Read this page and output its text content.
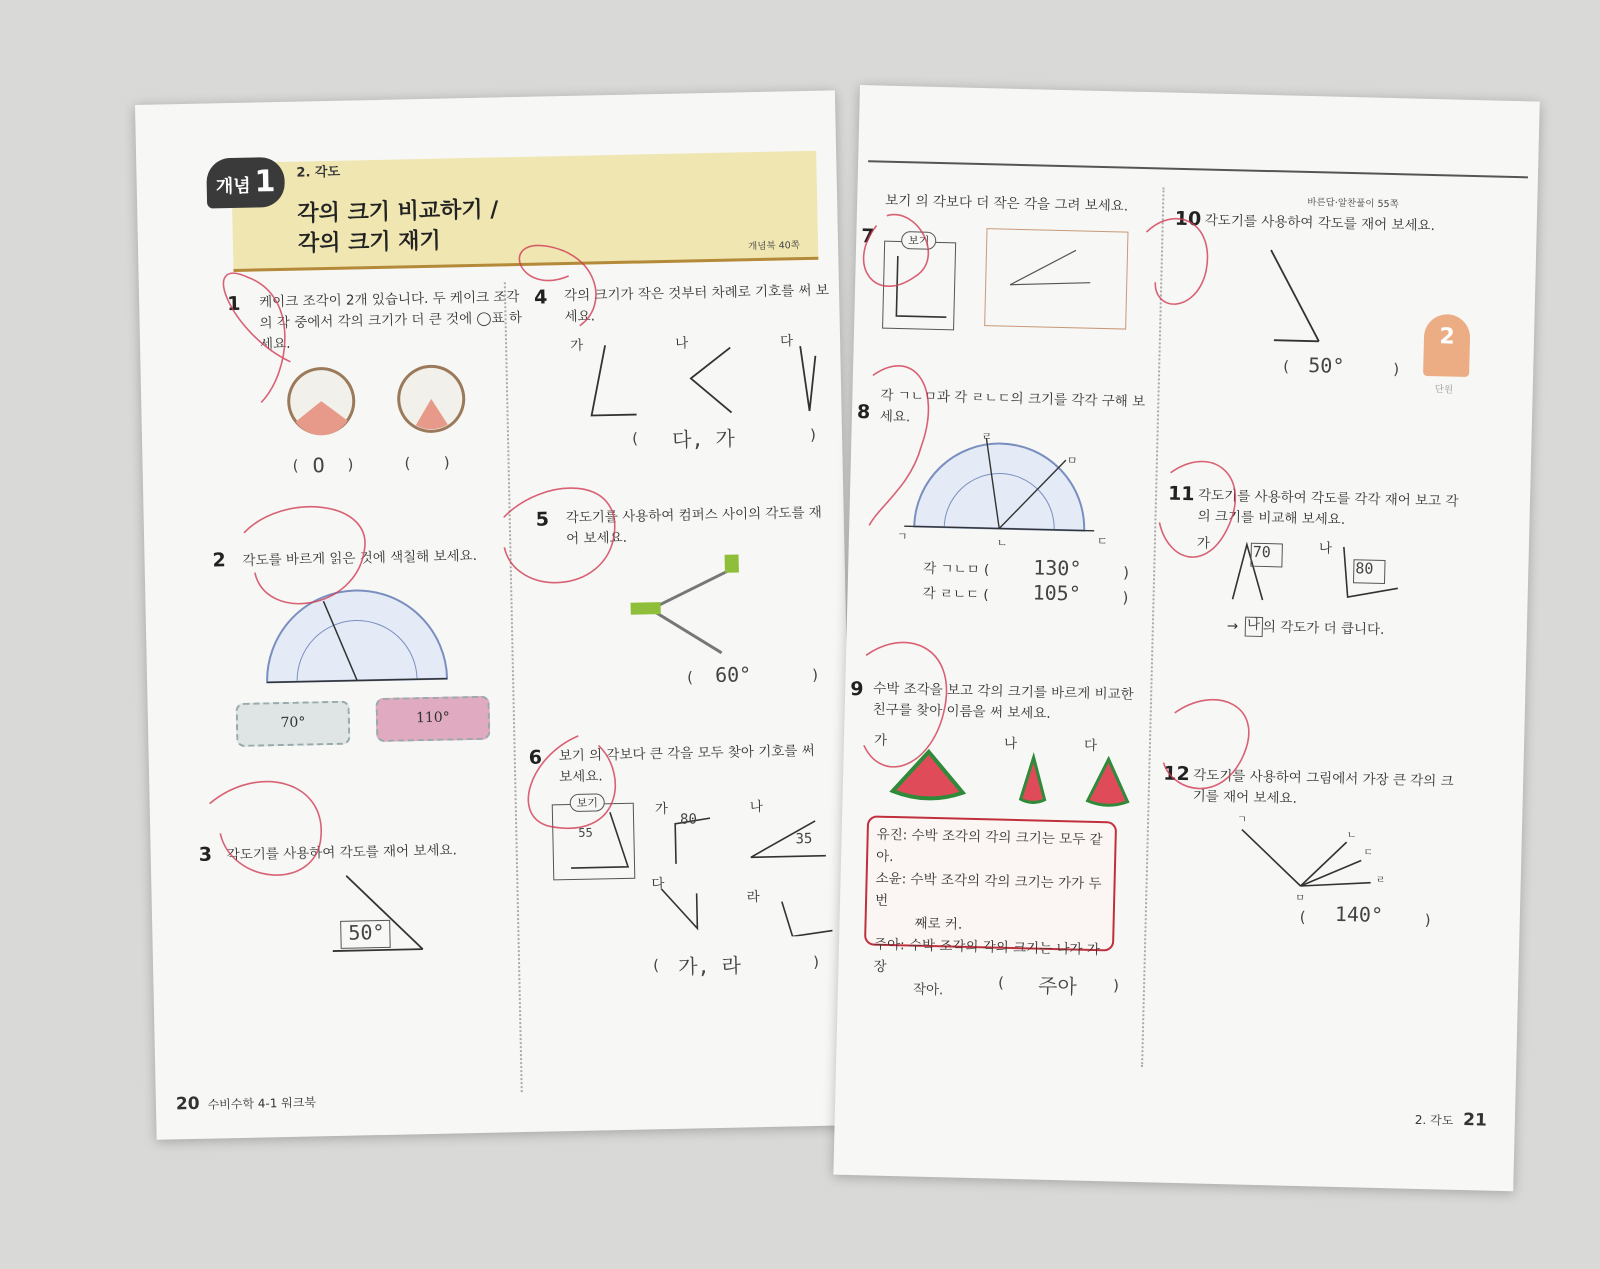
개념 1	2. 각도
각의 크기 비교하기 /
각의 크기 재기	개념북 40쪽
1 케이크 조각이 2개 있습니다. 두 케이크 조각
의 각 중에서 각의 크기가 더 큰 것에 ◯표 하
세요.
( O )	(       )
2 각도를 바르게 읽은 것에 색칠해 보세요.
70°	110°
3 각도기를 사용하여 각도를 재어 보세요.
50°
4 각의 크기가 작은 것부터 차례로 기호를 써 보
세요.
가	나	다
( 다, 가	)
5 각도기를 사용하여 컴퍼스 사이의 각도를 재
어 보세요.
( 60°	)
6 보기 의 각보다 큰 각을 모두 찾아 기호를 써
보세요.
보기
55
가	나
다
라
80
35
( 가, 라	)
20 수비수학 4-1 워크북
바른답·알찬풀이 55쪽
7
보기 의 각보다 더 작은 각을 그려 보세요.
보기
8
각 ㄱㄴㅁ과 각 ㄹㄴㄷ의 크기를 각각 구해 보
세요.
ㄹ
ㅁ
ㄱ	ㄴ	ㄷ
각 ㄱㄴㅁ ( 130°	)
각 ㄹㄴㄷ ( 105°	)
9 수박 조각을 보고 각의 크기를 바르게 비교한
친구를 찾아 이름을 써 보세요.
가	나	다
유진: 수박 조각의 각의 크기는 모두 같아.
소윤: 수박 조각의 각의 크기는 가가 두 번
째로 커.
주아: 수박 조각의 각의 크기는 나가 가장
작아.	( 주아 )
10 각도기를 사용하여 각도를 재어 보세요.
( 50°	)
11 각도기를 사용하여 각도를 각각 재어 보고 각
의 크기를 비교해 보세요.
가	나
70
80
→ 나 의 각도가 더 큽니다.
12 각도기를 사용하여 그림에서 가장 큰 각의 크
기를 재어 보세요.
ㄱ
ㄴ
ㄷ
ㄹ
ㅁ
( 140°	)
2
단원
2. 각도 21
